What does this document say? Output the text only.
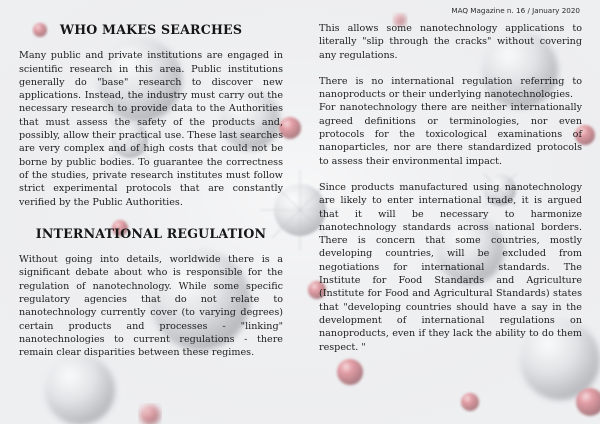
MAQ Magazine n. 16 / January 2020
WHO MAKES SEARCHES

Many public and private institutions are engaged in scientific research in this area. Public institutions generally do "base" research to discover new applications. Instead, the industry must carry out the necessary research to provide data to the Authorities that must assess the safety of the products and, possibly, allow their practical use. These last searches are very complex and of high costs that could not be borne by public bodies. To guarantee the correctness of the studies, private research institutes must follow strict experimental protocols that are constantly verified by the Public Authorities.

INTERNATIONAL REGULATION

Without going into details, worldwide there is a significant debate about who is responsible for the regulation of nanotechnology. While some specific regulatory agencies that do not relate to nanotechnology currently cover (to varying degrees) certain products and processes - "linking" nanotechnologies to current regulations - there remain clear disparities between these regimes.

This allows some nanotechnology applications to literally "slip through the cracks" without covering any regulations.

There is no international regulation referring to nanoproducts or their underlying nanotechnologies.

For nanotechnology there are neither internationally agreed definitions or terminologies, nor even protocols for the toxicological examinations of nanoparticles, nor are there standardized protocols to assess their environmental impact.

Since products manufactured using nanotechnology are likely to enter international trade, it is argued that it will be necessary to harmonize nanotechnology standards across national borders. There is concern that some countries, mostly developing countries, will be excluded from negotiations for international standards. The Institute for Food Standards and Agriculture (Institute for Food and Agricultural Standards) states that "developing countries should have a say in the development of international regulations on nanoproducts, even if they lack the ability to do them respect. "
